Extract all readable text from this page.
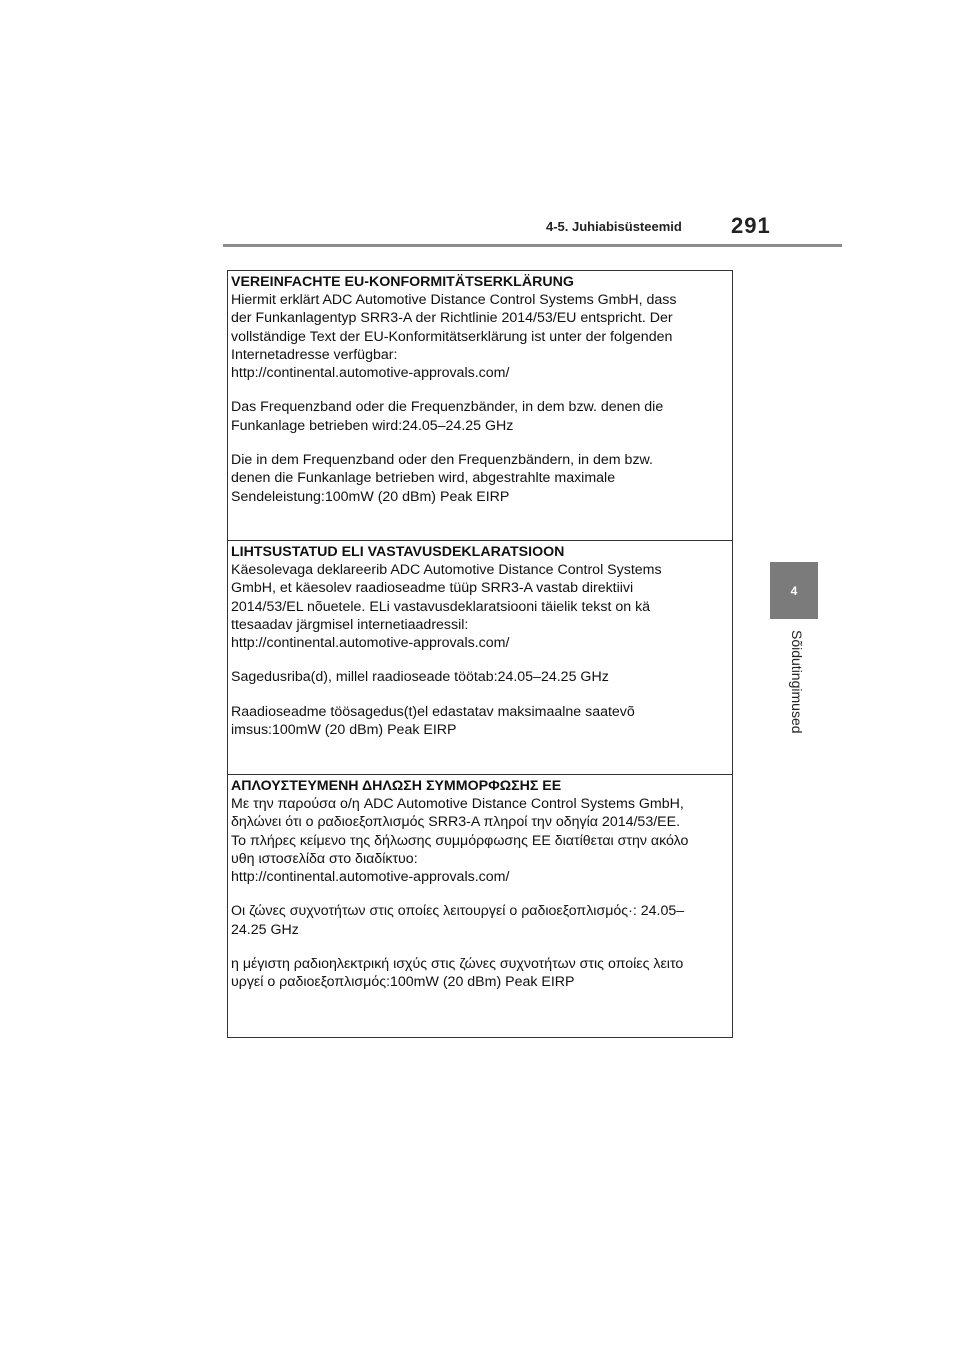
4-5. Juhiabisüsteemid 291
4
Sõidutingimused
VEREINFACHTE EU-KONFORMITÄTSERKLÄRUNG

Hiermit erklärt ADC Automotive Distance Control Systems GmbH, dass
der Funkanlagentyp SRR3-A der Richtlinie 2014/53/EU entspricht. Der
vollständige Text der EU-Konformitätserklärung ist unter der folgenden
Internetadresse verfügbar:
http://continental.automotive-approvals.com/

Das Frequenzband oder die Frequenzbänder, in dem bzw. denen die
Funkanlage betrieben wird:24.05–24.25 GHz

Die in dem Frequenzband oder den Frequenzbändern, in dem bzw.
denen die Funkanlage betrieben wird, abgestrahlte maximale
Sendeleistung:100mW (20 dBm) Peak EIRP

LIHTSUSTATUD ELI VASTAVUSDEKLARATSIOON

Käesolevaga deklareerib ADC Automotive Distance Control Systems
GmbH, et käesolev raadioseadme tüüp SRR3-A vastab direktiivi
2014/53/EL nõuetele. ELi vastavusdeklaratsiooni täielik tekst on kä
ttesaadav järgmisel internetiaadressil:
http://continental.automotive-approvals.com/

Sagedusriba(d), millel raadioseade töötab:24.05–24.25 GHz

Raadioseadme töösagedus(t)el edastatav maksimaalne saatevõ
imsus:100mW (20 dBm) Peak EIRP

ΑΠΛΟΥΣΤΕΥΜΕΝΗ ΔΗΛΩΣΗ ΣΥΜΜΟΡΦΩΣΗΣ ΕΕ

Με την παρούσα ο/η ADC Automotive Distance Control Systems GmbH,
δηλώνει ότι ο ραδιοεξοπλισμός SRR3-A πληροί την οδηγία 2014/53/ΕΕ.
Το πλήρες κείμενο της δήλωσης συμμόρφωσης ΕΕ διατίθεται στην ακόλο
υθη ιστοσελίδα στο διαδίκτυο:
http://continental.automotive-approvals.com/

Οι ζώνες συχνοτήτων στις οποίες λειτουργεί ο ραδιοεξοπλισμός·: 24.05–
24.25 GHz

η μέγιστη ραδιοηλεκτρική ισχύς στις ζώνες συχνοτήτων στις οποίες λειτο
υργεί ο ραδιοεξοπλισμός:100mW (20 dBm) Peak EIRP
